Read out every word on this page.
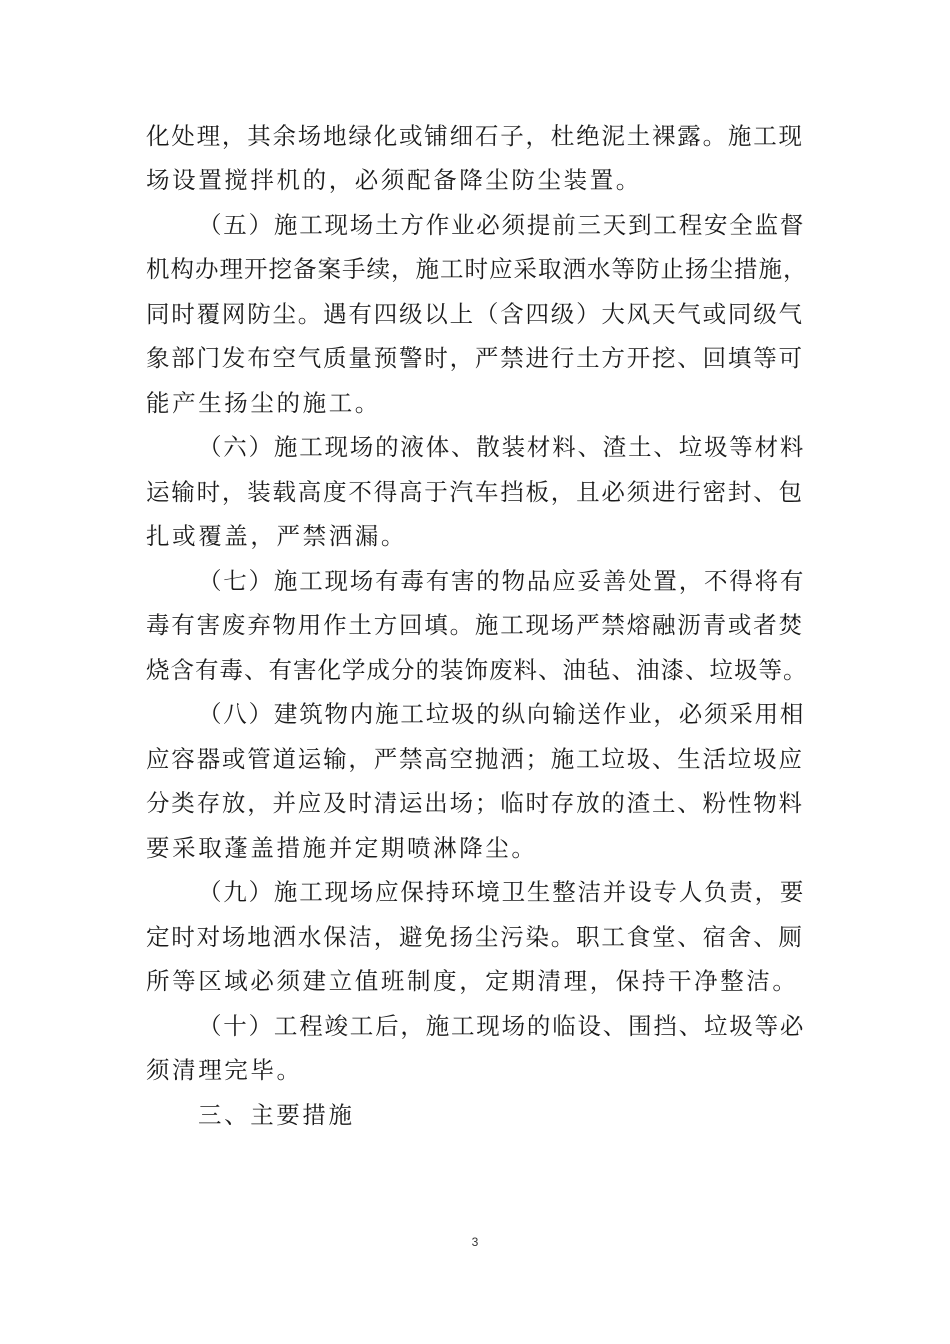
化处理，其余场地绿化或铺细石子，杜绝泥土裸露。施工现
场设置搅拌机的，必须配备降尘防尘装置。
（五）施工现场土方作业必须提前三天到工程安全监督
机构办理开挖备案手续，施工时应采取洒水等防止扬尘措施，
同时覆网防尘。遇有四级以上（含四级）大风天气或同级气
象部门发布空气质量预警时，严禁进行土方开挖、回填等可
能产生扬尘的施工。
（六）施工现场的液体、散装材料、渣土、垃圾等材料
运输时，装载高度不得高于汽车挡板，且必须进行密封、包
扎或覆盖，严禁洒漏。
（七）施工现场有毒有害的物品应妥善处置，不得将有
毒有害废弃物用作土方回填。施工现场严禁熔融沥青或者焚
烧含有毒、有害化学成分的装饰废料、油毡、油漆、垃圾等。
（八）建筑物内施工垃圾的纵向输送作业，必须采用相
应容器或管道运输，严禁高空抛洒；施工垃圾、生活垃圾应
分类存放，并应及时清运出场；临时存放的渣土、粉性物料
要采取蓬盖措施并定期喷淋降尘。
（九）施工现场应保持环境卫生整洁并设专人负责，要
定时对场地洒水保洁，避免扬尘污染。职工食堂、宿舍、厕
所等区域必须建立值班制度，定期清理，保持干净整洁。
（十）工程竣工后，施工现场的临设、围挡、垃圾等必
须清理完毕。
三、主要措施
3
